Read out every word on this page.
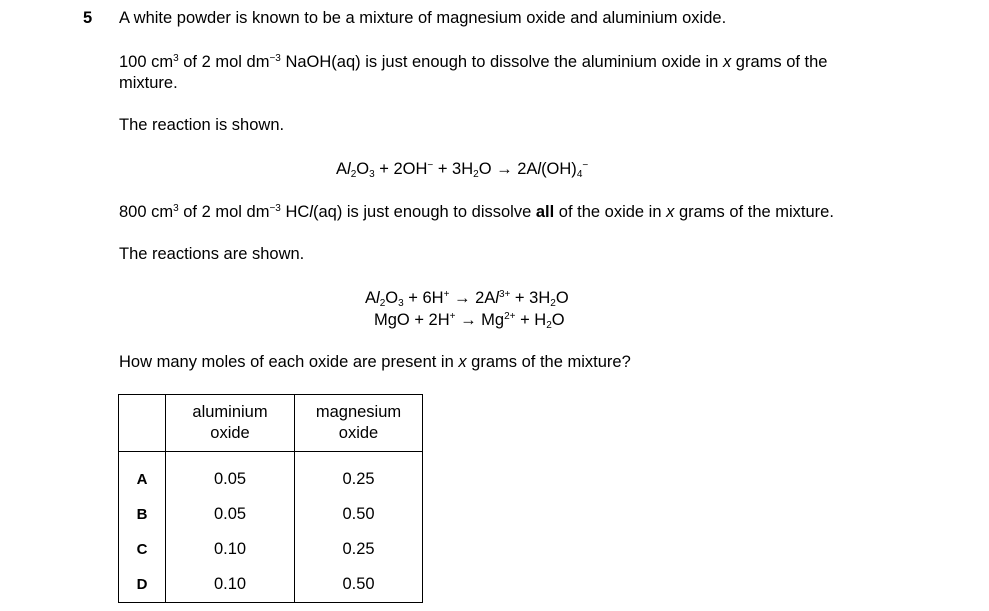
5 A white powder is known to be a mixture of magnesium oxide and aluminium oxide.
100 $cm^3$ of 2 mol $dm^{-3}$ NaOH(aq) is just enough to dissolve the aluminium oxide in x grams of the
mixture.
The reaction is shown.
$Al_2O_3 + 2OH^- + 3H_2O \to 2Al(OH)_4^-$
800 $cm^3$ of 2 mol $dm^{-3}$ HCl(aq) is just enough to dissolve all of the oxide in x grams of the mixture.
The reactions are shown.
$Al_2O_3 + 6H^+ \to 2Al^{3+} + 3H_2O$
MgO + $2H^+ \to Mg^{2+} + H_2O$
How many moles of each oxide are present in x grams of the mixture?
	aluminium
oxide	magnesium
oxide

A	0.05	0.25
B	0.05	0.50
C	0.10	0.25
D	0.10	0.50
